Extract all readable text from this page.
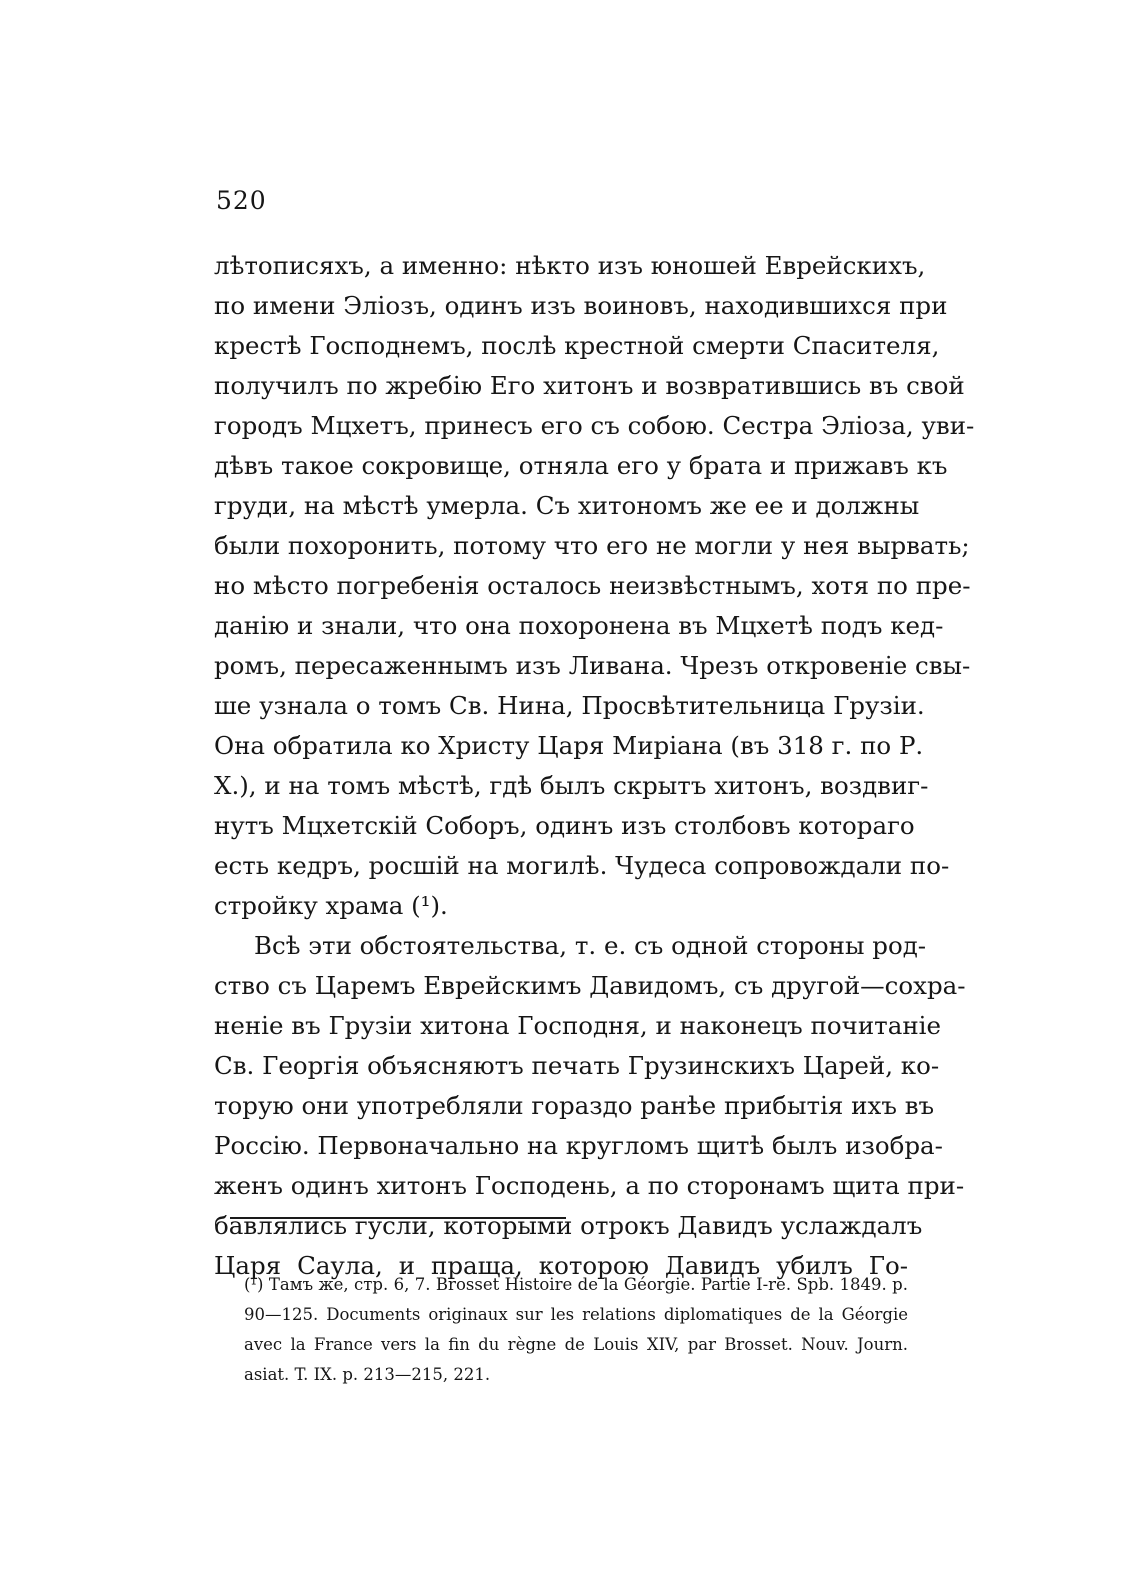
520
лѣтописяхъ, а именно: нѣкто изъ юношей Еврейскихъ,
по имени Элiозъ, одинъ изъ воиновъ, находившихся при
крестѣ Господнемъ, послѣ крестной смерти Спасителя,
получилъ по жребiю Его хитонъ и возвратившись въ свой
городъ Мцхетъ, принесъ его съ собою. Сестра Элiоза, уви-
дѣвъ такое сокровище, отняла его у брата и прижавъ къ
груди, на мѣстѣ умерла. Съ хитономъ же ее и должны
были похоронить, потому что его не могли у нея вырвать;
но мѣсто погребенiя осталось неизвѣстнымъ, хотя по пре-
данiю и знали, что она похоронена въ Мцхетѣ подъ кед-
ромъ, пересаженнымъ изъ Ливана. Чрезъ откровенiе свы-
ше узнала о томъ Св. Нина, Просвѣтительница Грузiи.
Она обратила ко Христу Царя Мирiана (въ 318 г. по Р.
X.), и на томъ мѣстѣ, гдѣ былъ скрытъ хитонъ, воздвиг-
нутъ Мцхетскiй Соборъ, одинъ изъ столбовъ котораго
есть кедръ, росшiй на могилѣ. Чудеса сопровождали по-
стройку храма (¹).
Всѣ эти обстоятельства, т. е. съ одной стороны род-
ство съ Царемъ Еврейскимъ Давидомъ, съ другой—сохра-
ненiе въ Грузiи хитона Господня, и наконецъ почитанiе
Св. Георгiя объясняютъ печать Грузинскихъ Царей, ко-
торую они употребляли гораздо ранѣе прибытiя ихъ въ
Россiю. Первоначально на кругломъ щитѣ былъ изобра-
женъ одинъ хитонъ Господень, а по сторонамъ щита при-
бавлялись гусли, которыми отрокъ Давидъ услаждалъ
Царя Саула, и праща, которою Давидъ убилъ Го-
(¹) Тамъ же, стр. 6, 7. Brosset Histoire de la Géorgie. Partie I-re. Spb. 1849. p.
90—125. Documents originaux sur les relations diplomatiques de la Géorgie
avec la France vers la fin du règne de Louis XIV, par Brosset. Nouv. Journ.
asiat. T. IX. p. 213—215, 221.
